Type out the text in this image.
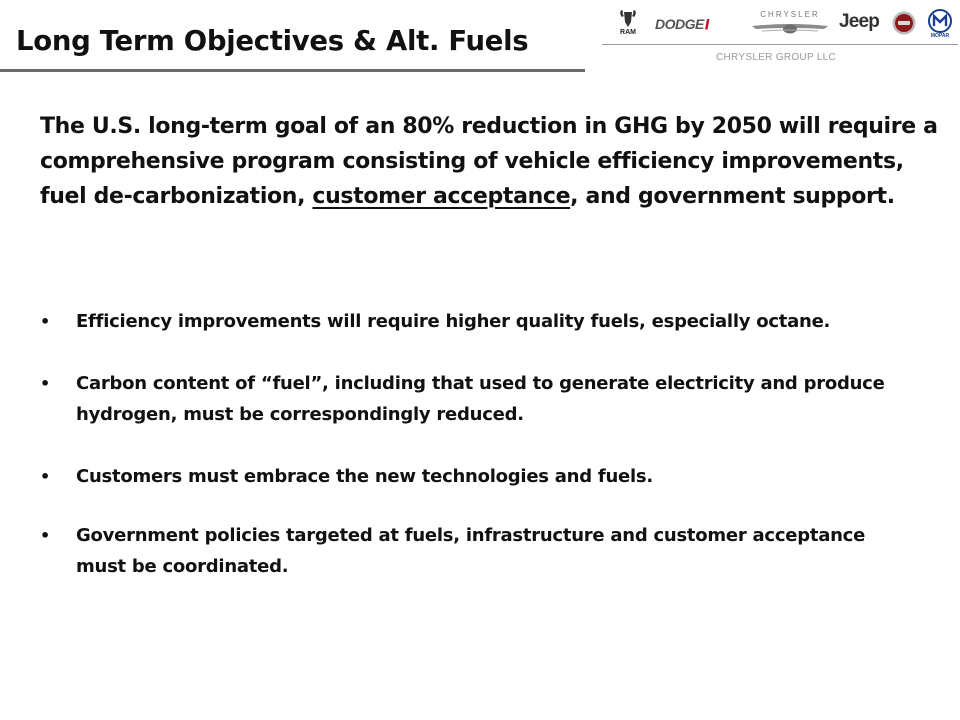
Long Term Objectives & Alt. Fuels	RAM
DODGE//
CHRYSLER	Jeep
MOPAR
CHRYSLER GROUP LLC

The U.S. long-term goal of an 80% reduction in GHG by 2050 will require a comprehensive program consisting of vehicle efficiency improvements, fuel de-carbonization, customer acceptance, and government support.

• Efficiency improvements will require higher quality fuels, especially octane.
• Carbon content of “fuel”, including that used to generate electricity and produce hydrogen, must be correspondingly reduced.
• Customers must embrace the new technologies and fuels.
• Government policies targeted at fuels, infrastructure and customer acceptance must be coordinated.
